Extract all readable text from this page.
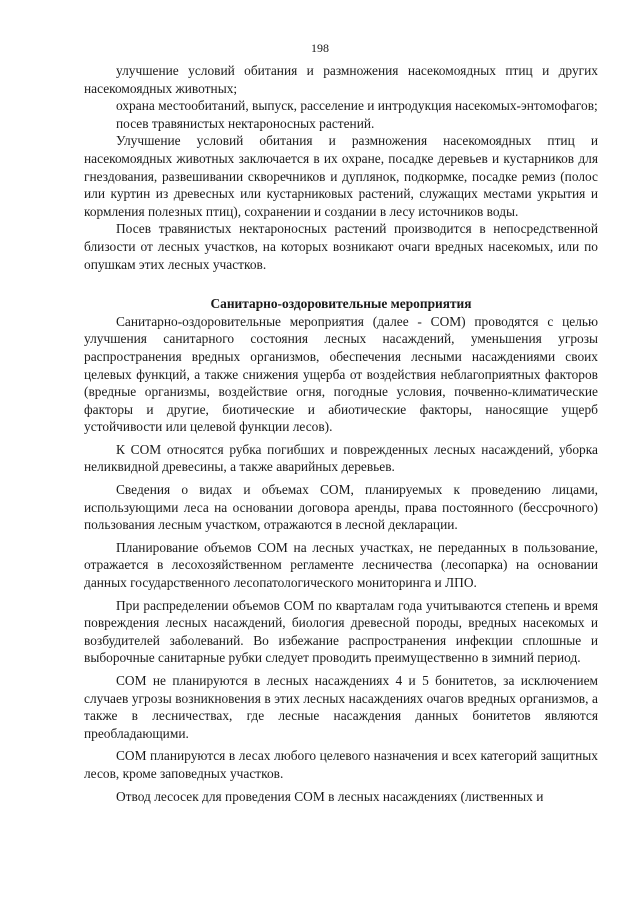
198

улучшение условий обитания и размножения насекомоядных птиц и других насекомоядных животных;

охрана местообитаний, выпуск, расселение и интродукция насекомых-энтомофагов;

посев травянистых нектароносных растений.

Улучшение условий обитания и размножения насекомоядных птиц и насекомоядных животных заключается в их охране, посадке деревьев и кустарников для гнездования, развешивании скворечников и дуплянок, подкормке, посадке ремиз (полос или куртин из древесных или кустарниковых растений, служащих местами укрытия и кормления полезных птиц), сохранении и создании в лесу источников воды.

Посев травянистых нектароносных растений производится в непосредственной близости от лесных участков, на которых возникают очаги вредных насекомых, или по опушкам этих лесных участков.

Санитарно-оздоровительные мероприятия

Санитарно-оздоровительные мероприятия (далее - СОМ) проводятся с целью улучшения санитарного состояния лесных насаждений, уменьшения угрозы распространения вредных организмов, обеспечения лесными насаждениями своих целевых функций, а также снижения ущерба от воздействия неблагоприятных факторов (вредные организмы, воздействие огня, погодные условия, почвенно-климатические факторы и другие, биотические и абиотические факторы, наносящие ущерб устойчивости или целевой функции лесов).

К СОМ относятся рубка погибших и поврежденных лесных насаждений, уборка неликвидной древесины, а также аварийных деревьев.

Сведения о видах и объемах СОМ, планируемых к проведению лицами, использующими леса на основании договора аренды, права постоянного (бессрочного) пользования лесным участком, отражаются в лесной декларации.

Планирование объемов СОМ на лесных участках, не переданных в пользование, отражается в лесохозяйственном регламенте лесничества (лесопарка) на основании данных государственного лесопатологического мониторинга и ЛПО.

При распределении объемов СОМ по кварталам года учитываются степень и время повреждения лесных насаждений, биология древесной породы, вредных насекомых и возбудителей заболеваний. Во избежание распространения инфекции сплошные и выборочные санитарные рубки следует проводить преимущественно в зимний период.

СОМ не планируются в лесных насаждениях 4 и 5 бонитетов, за исключением случаев угрозы возникновения в этих лесных насаждениях очагов вредных организмов, а также в лесничествах, где лесные насаждения данных бонитетов являются преобладающими.

СОМ планируются в лесах любого целевого назначения и всех категорий защитных лесов, кроме заповедных участков.

Отвод лесосек для проведения СОМ в лесных насаждениях (лиственных и
